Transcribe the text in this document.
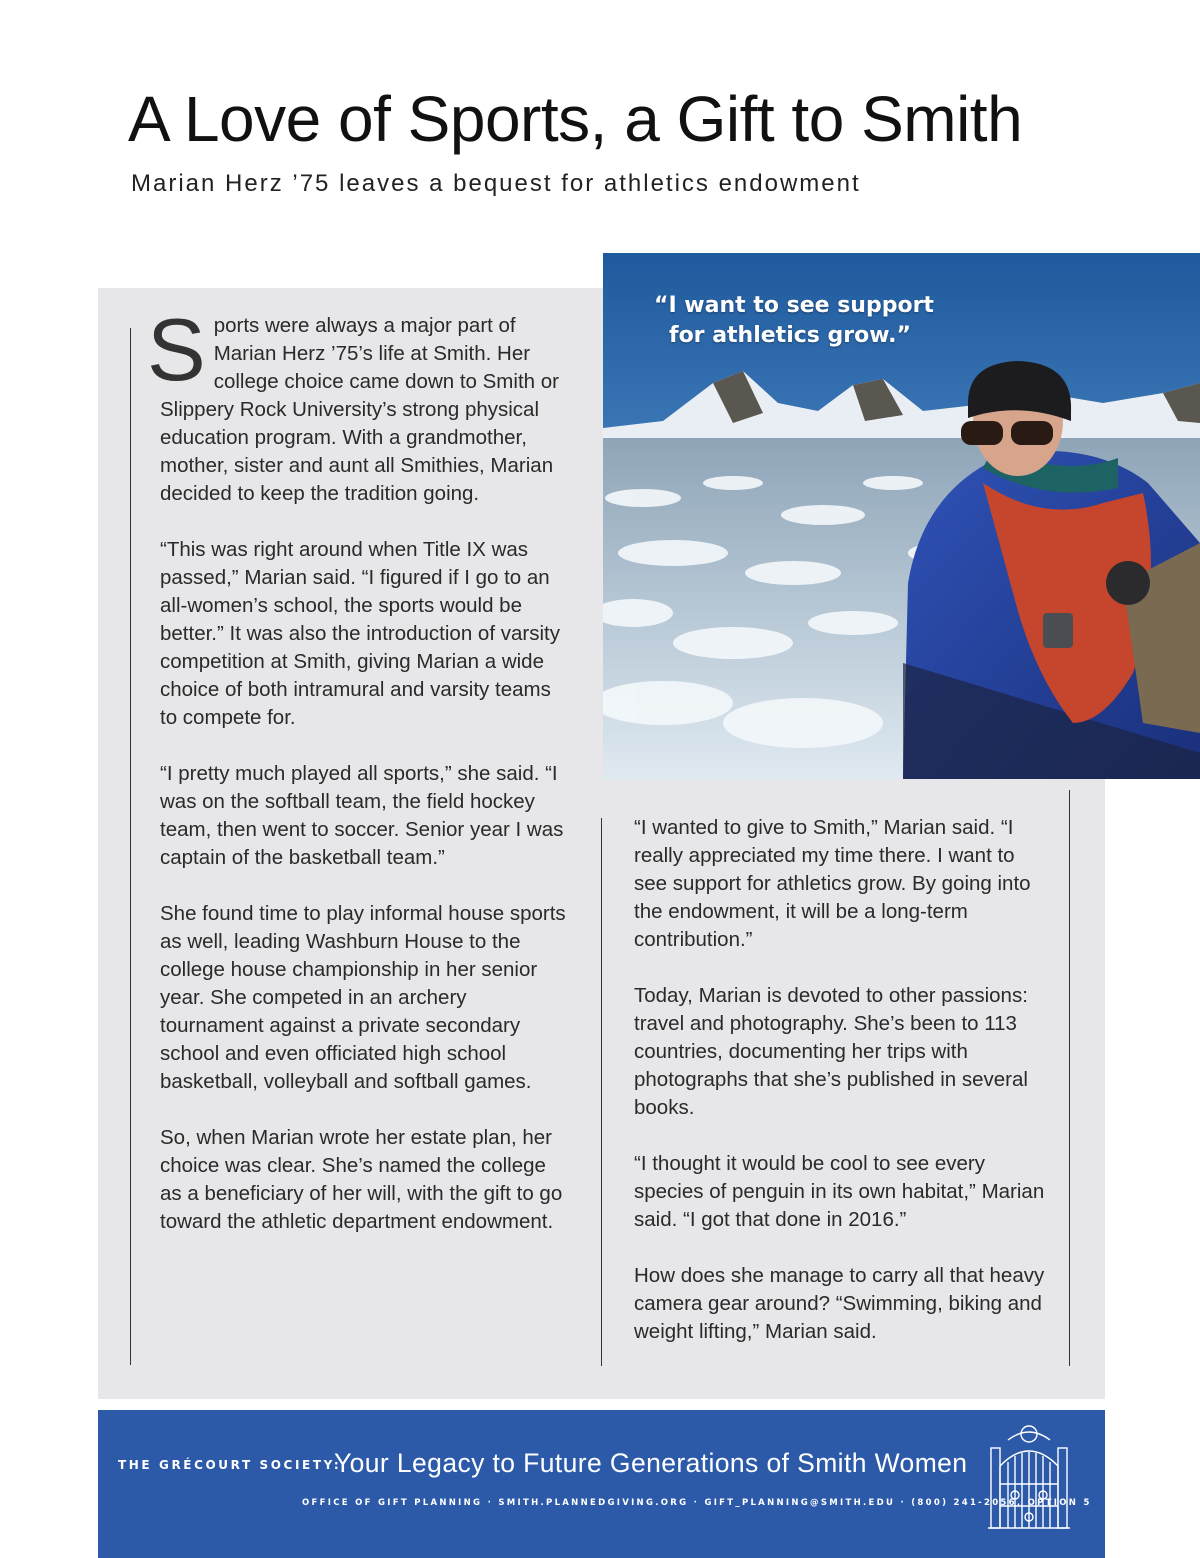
A Love of Sports, a Gift to Smith

Marian Herz ’75 leaves a bequest for athletics endowment

“I want to see support
for athletics grow.”

Sports were always a major part of Marian Herz ’75’s life at Smith. Her college choice came down to Smith or Slippery Rock University’s strong physical education program. With a grandmother, mother, sister and aunt all Smithies, Marian decided to keep the tradition going.

“This was right around when Title IX was passed,” Marian said. “I figured if I go to an all-women’s school, the sports would be better.” It was also the introduction of varsity competition at Smith, giving Marian a wide choice of both intramural and varsity teams to compete for.

“I pretty much played all sports,” she said. “I was on the softball team, the field hockey team, then went to soccer. Senior year I was captain of the basketball team.”

She found time to play informal house sports as well, leading Washburn House to the college house championship in her senior year. She competed in an archery tournament against a private secondary school and even officiated high school basketball, volleyball and softball games.

So, when Marian wrote her estate plan, her choice was clear. She’s named the college as a beneficiary of her will, with the gift to go toward the athletic department endowment.

“I wanted to give to Smith,” Marian said. “I really appreciated my time there. I want to see support for athletics grow. By going into the endowment, it will be a long-term contribution.”

Today, Marian is devoted to other passions: travel and photography. She’s been to 113 countries, documenting her trips with photographs that she’s published in several books.

“I thought it would be cool to see every species of penguin in its own habitat,” Marian said. “I got that done in 2016.”

How does she manage to carry all that heavy camera gear around? “Swimming, biking and weight lifting,” Marian said.

THE GRÉCOURT SOCIETY:
Your Legacy to Future Generations of Smith Women
OFFICE OF GIFT PLANNING · SMITH.PLANNEDGIVING.ORG · GIFT_PLANNING@SMITH.EDU · (800) 241-2056, OPTION 5
